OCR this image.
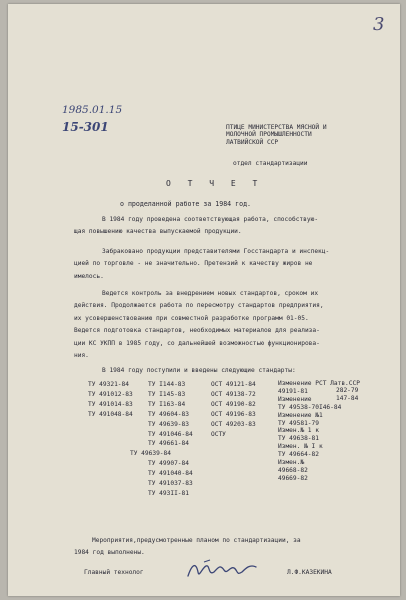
3
1985.01.15
15-301	ПТИЦЕ МИНИСТЕРСТВА МЯСНОЙ И
МОЛОЧНОЙ ПРОМЫШЛЕННОСТИ
ЛАТВИЙСКОЙ ССР
отдел стандартизации
О Т Ч Е Т
о проделанной работе за 1984 год.
В 1984 году проведена соответствующая работа, способствую-
щая повышению качества выпускаемой продукции.
Забраковано продукции представителями Госстандарта и инспекц-
цией по торговле - не значительно. Претензий к качеству жиров не
имелось.
Ведется контроль за внедрением новых стандартов, сроком их
действия. Продолжается работа по пересмотру стандартов предприятия,
их усовершенствованию при совместной разработке программ 01-05.
Ведется подготовка стандартов, необходимых материалов для реализа-
ции КС УКПП в 1985 году, со дальнейшей возможностью функционирова-
ния.
В 1984 году поступили и введены следующие стандарты:
ТУ 49321-84
ТУ 491012-83
ТУ 491014-83
ТУ 491048-84
ТУ I144-83
ТУ I145-83
ТУ I163-84
ТУ 49604-83
ТУ 49639-83
ТУ 491046-84
ТУ 49661-84
ТУ 49639-84
ТУ 49907-84
ТУ 491040-84
ТУ 491037-83
ТУ 493II-81
ОСТ 49121-84
ОСТ 49138-72
ОСТ 49190-82
ОСТ 49196-83
ОСТ 49203-83
ОСТУ
Изменение РСТ Латв.ССР
49191-81
Изменение
ТУ 49538-70І46-84
Изменение №1
ТУ 49581-79
Измен.№ 1 к
ТУ 49638-81
Измен. № I к
ТУ 49664-82
Измен.№
49668-82
49669-82
282-79
147-84
Мероприятия,предусмотренные планом по стандартизации, за
1984 год выполнены.
Главный технолог	Л.Ф.КАЗЕКИНА
